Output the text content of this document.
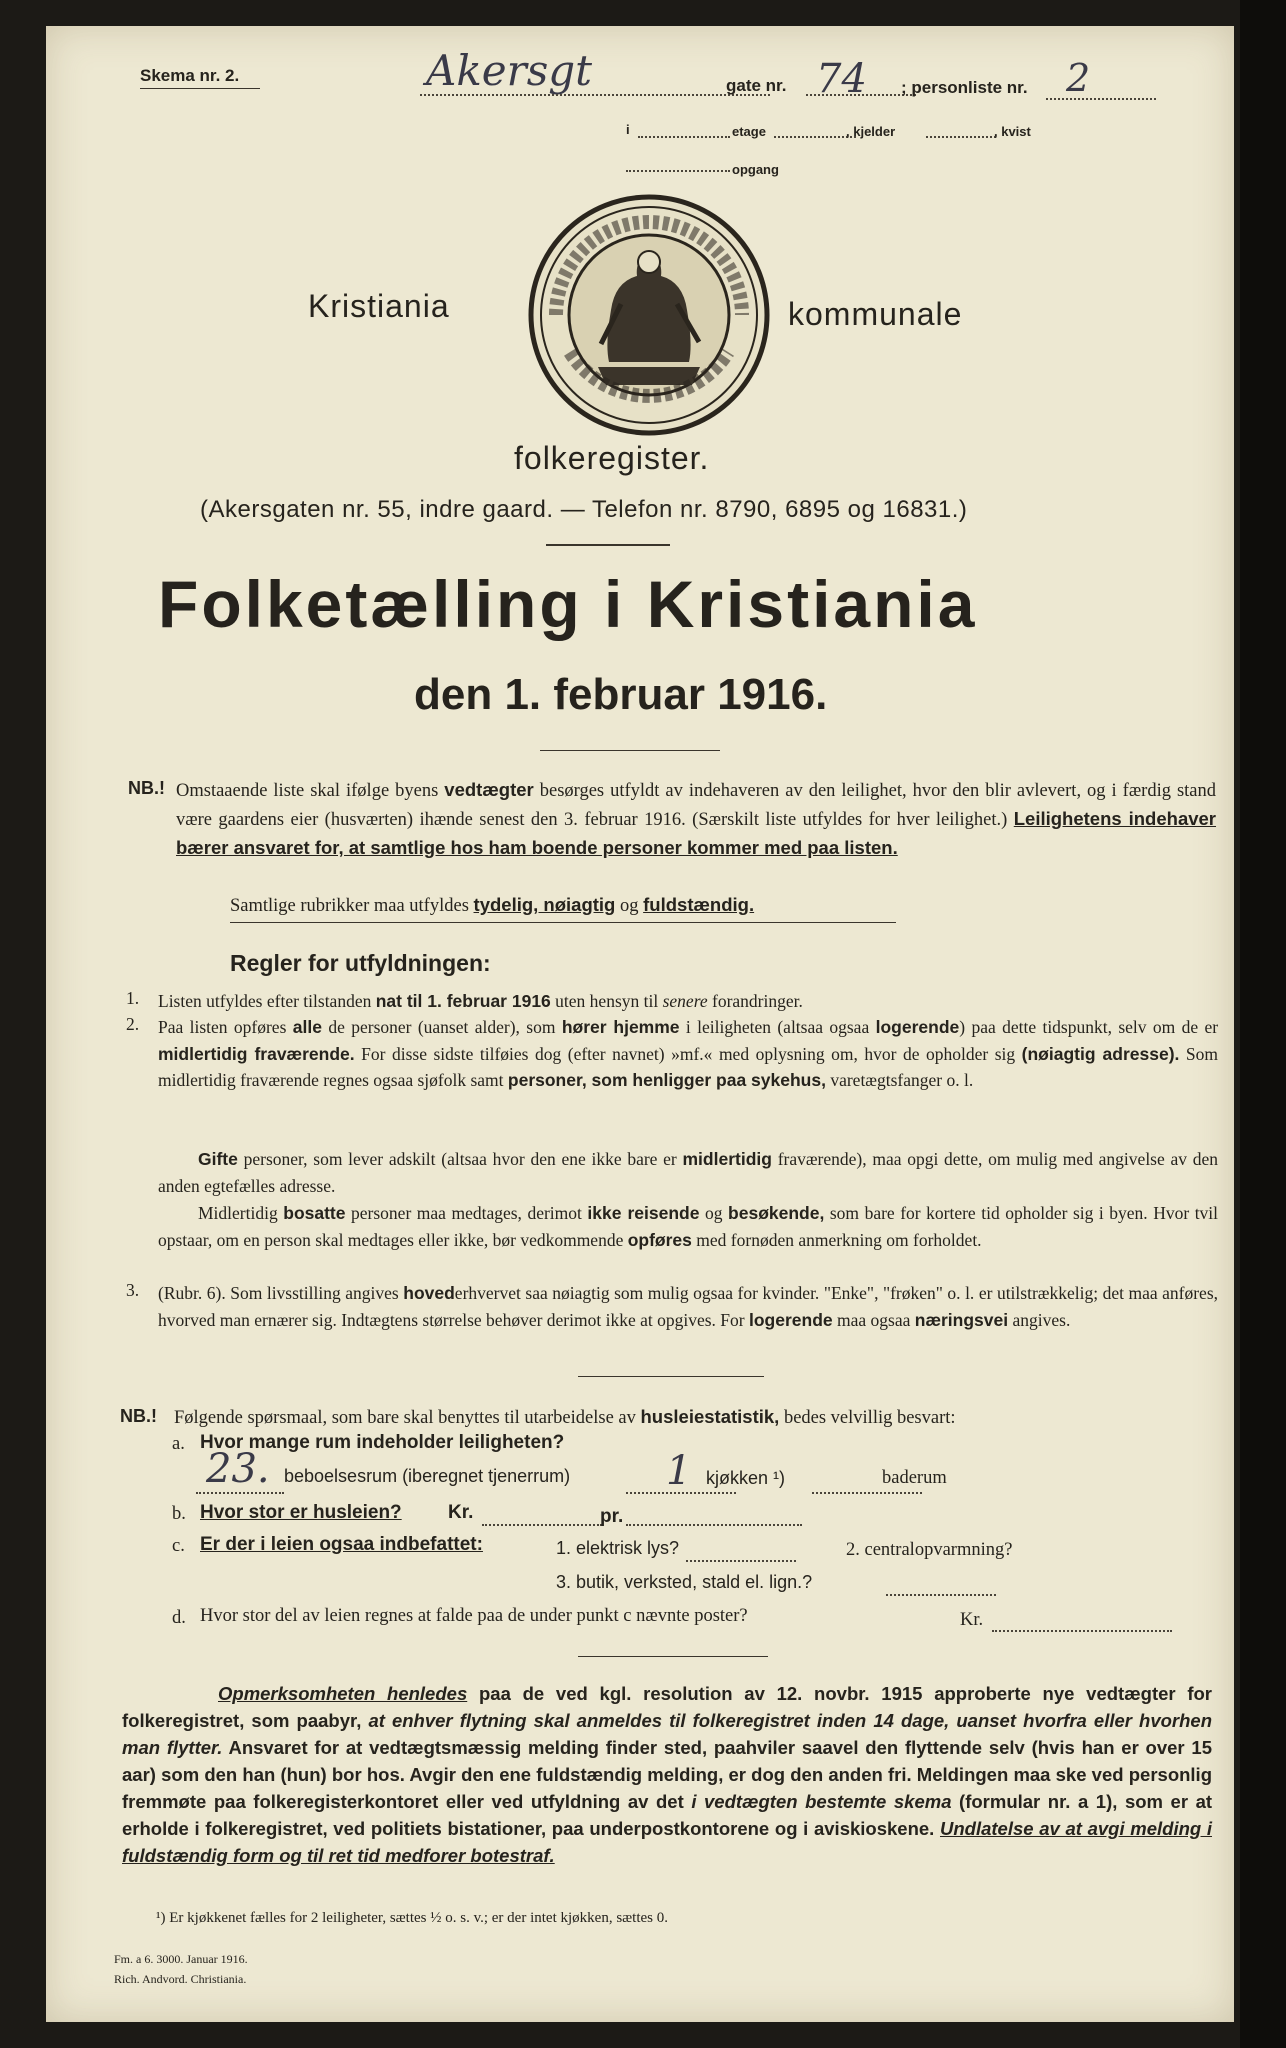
Skema nr. 2.	Akersgt	gate nr. 74 ; personliste nr. 2
i	etage	, kjelder	, kvist
opgang
Kristiania	kommunale
folkeregister.
(Akersgaten nr. 55, indre gaard. — Telefon nr. 8790, 6895 og 16831.)
Folketælling i Kristiania
den 1. februar 1916.
NB.! Omstaaende liste skal ifølge byens vedtægter besørges utfyldt av indehaveren av den leilighet, hvor den blir avlevert, og i færdig stand være gaardens eier (husværten) ihænde senest den 3. februar 1916. (Særskilt liste utfyldes for hver leilighet.) Leilighetens indehaver bærer ansvaret for, at samtlige hos ham boende personer kommer med paa listen.
Samtlige rubrikker maa utfyldes tydelig, nøiagtig og fuldstændig.
Regler for utfyldningen:
1. Listen utfyldes efter tilstanden nat til 1. februar 1916 uten hensyn til senere forandringer.
2. Paa listen opføres alle de personer (uanset alder), som hører hjemme i leiligheten (altsaa ogsaa logerende) paa dette tidspunkt, selv om de er midlertidig fraværende. For disse sidste tilføies dog (efter navnet) »mf.« med oplysning om, hvor de opholder sig (nøiagtig adresse). Som midlertidig fraværende regnes ogsaa sjøfolk samt personer, som henligger paa sykehus, varetægtsfanger o. l.
Gifte personer, som lever adskilt (altsaa hvor den ene ikke bare er midlertidig fraværende), maa opgi dette, om mulig med angivelse av den anden egtefælles adresse.
Midlertidig bosatte personer maa medtages, derimot ikke reisende og besøkende, som bare for kortere tid opholder sig i byen. Hvor tvil opstaar, om en person skal medtages eller ikke, bør vedkommende opføres med fornøden anmerkning om forholdet.
3. (Rubr. 6). Som livsstilling angives hovederhvervet saa nøiagtig som mulig ogsaa for kvinder. "Enke", "frøken" o. l. er utilstrækkelig; det maa anføres, hvorved man ernærer sig. Indtægtens størrelse behøver derimot ikke at opgives. For logerende maa ogsaa næringsvei angives.
NB.! Følgende spørsmaal, som bare skal benyttes til utarbeidelse av husleiestatistik, bedes velvillig besvart:
a. Hvor mange rum indeholder leiligheten?
23. beboelsesrum (iberegnet tjenerrum) 1 kjøkken ¹)	baderum
b. Hvor stor er husleien? Kr.	pr.
c. Er der i leien ogsaa indbefattet:	1. elektrisk lys?	2. centralopvarmning?
3. butik, verksted, stald el. lign.?
d. Hvor stor del av leien regnes at falde paa de under punkt c nævnte poster?	Kr.
Opmerksomheten henledes paa de ved kgl. resolution av 12. novbr. 1915 approberte nye vedtægter for folkeregistret, som paabyr, at enhver flytning skal anmeldes til folkeregistret inden 14 dage, uanset hvorfra eller hvorhen man flytter. Ansvaret for at vedtægtsmæssig melding finder sted, paahviler saavel den flyttende selv (hvis han er over 15 aar) som den han (hun) bor hos. Avgir den ene fuldstændig melding, er dog den anden fri. Meldingen maa ske ved personlig fremmøte paa folkeregisterkontoret eller ved utfyldning av det i vedtægten bestemte skema (formular nr. a 1), som er at erholde i folkeregistret, ved politiets bistationer, paa underpostkontorene og i aviskioskene. Undlatelse av at avgi melding i fuldstændig form og til ret tid medforer botestraf.
¹) Er kjøkkenet fælles for 2 leiligheter, sættes ½ o. s. v.; er der intet kjøkken, sættes 0.
Fm. a 6. 3000. Januar 1916.
Rich. Andvord. Christiania.
